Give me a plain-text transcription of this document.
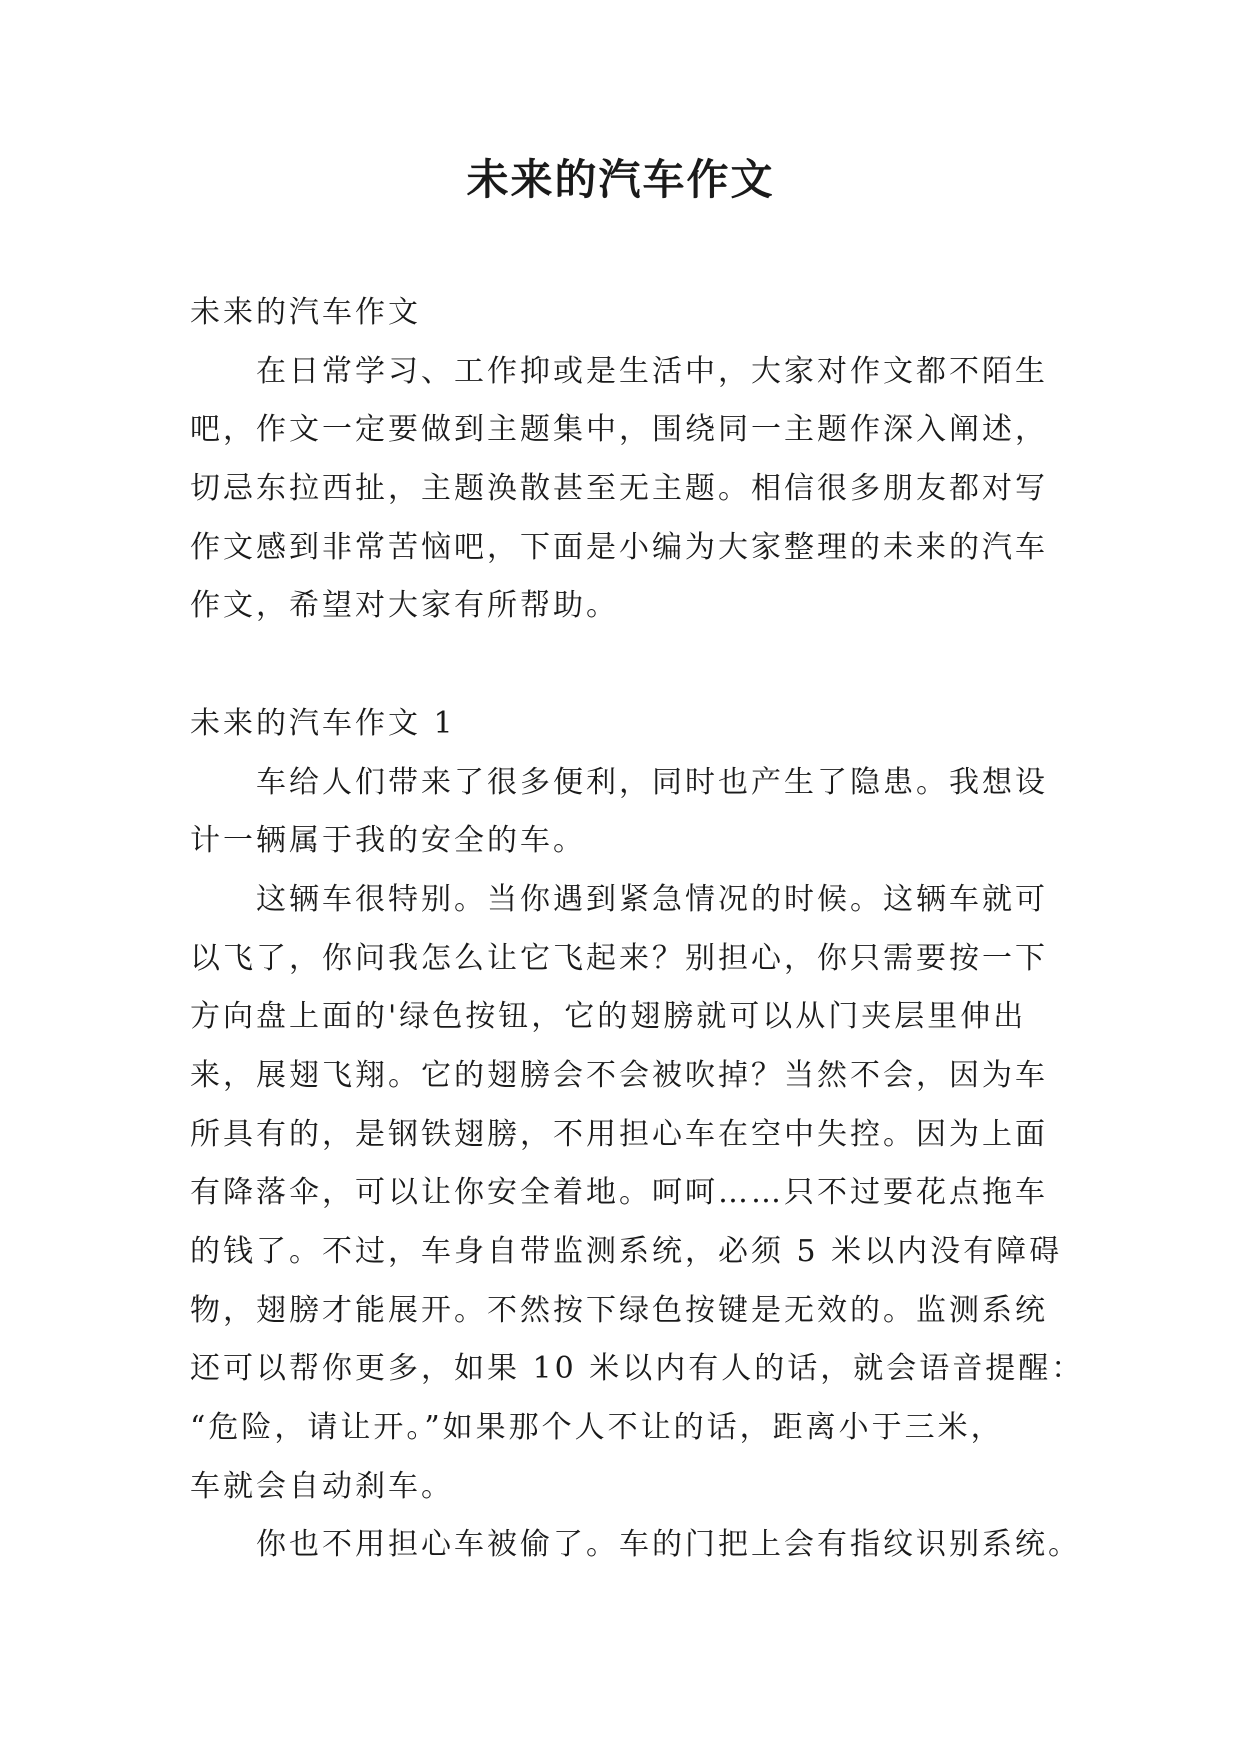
未来的汽车作文

未来的汽车作文

在日常学习、工作抑或是生活中，大家对作文都不陌生

吧，作文一定要做到主题集中，围绕同一主题作深入阐述，

切忌东拉西扯，主题涣散甚至无主题。相信很多朋友都对写

作文感到非常苦恼吧，下面是小编为大家整理的未来的汽车

作文，希望对大家有所帮助。

未来的汽车作文 1

车给人们带来了很多便利，同时也产生了隐患。我想设

计一辆属于我的安全的车。

这辆车很特别。当你遇到紧急情况的时候。这辆车就可

以飞了，你问我怎么让它飞起来？别担心，你只需要按一下

方向盘上面的'绿色按钮，它的翅膀就可以从门夹层里伸出

来，展翅飞翔。它的翅膀会不会被吹掉？当然不会，因为车

所具有的，是钢铁翅膀，不用担心车在空中失控。因为上面

有降落伞，可以让你安全着地。呵呵……只不过要花点拖车

的钱了。不过，车身自带监测系统，必须 5 米以内没有障碍

物，翅膀才能展开。不然按下绿色按键是无效的。监测系统

还可以帮你更多，如果 10 米以内有人的话，就会语音提醒：

“危险，请让开。”如果那个人不让的话，距离小于三米，

车就会自动刹车。

你也不用担心车被偷了。车的门把上会有指纹识别系统。
